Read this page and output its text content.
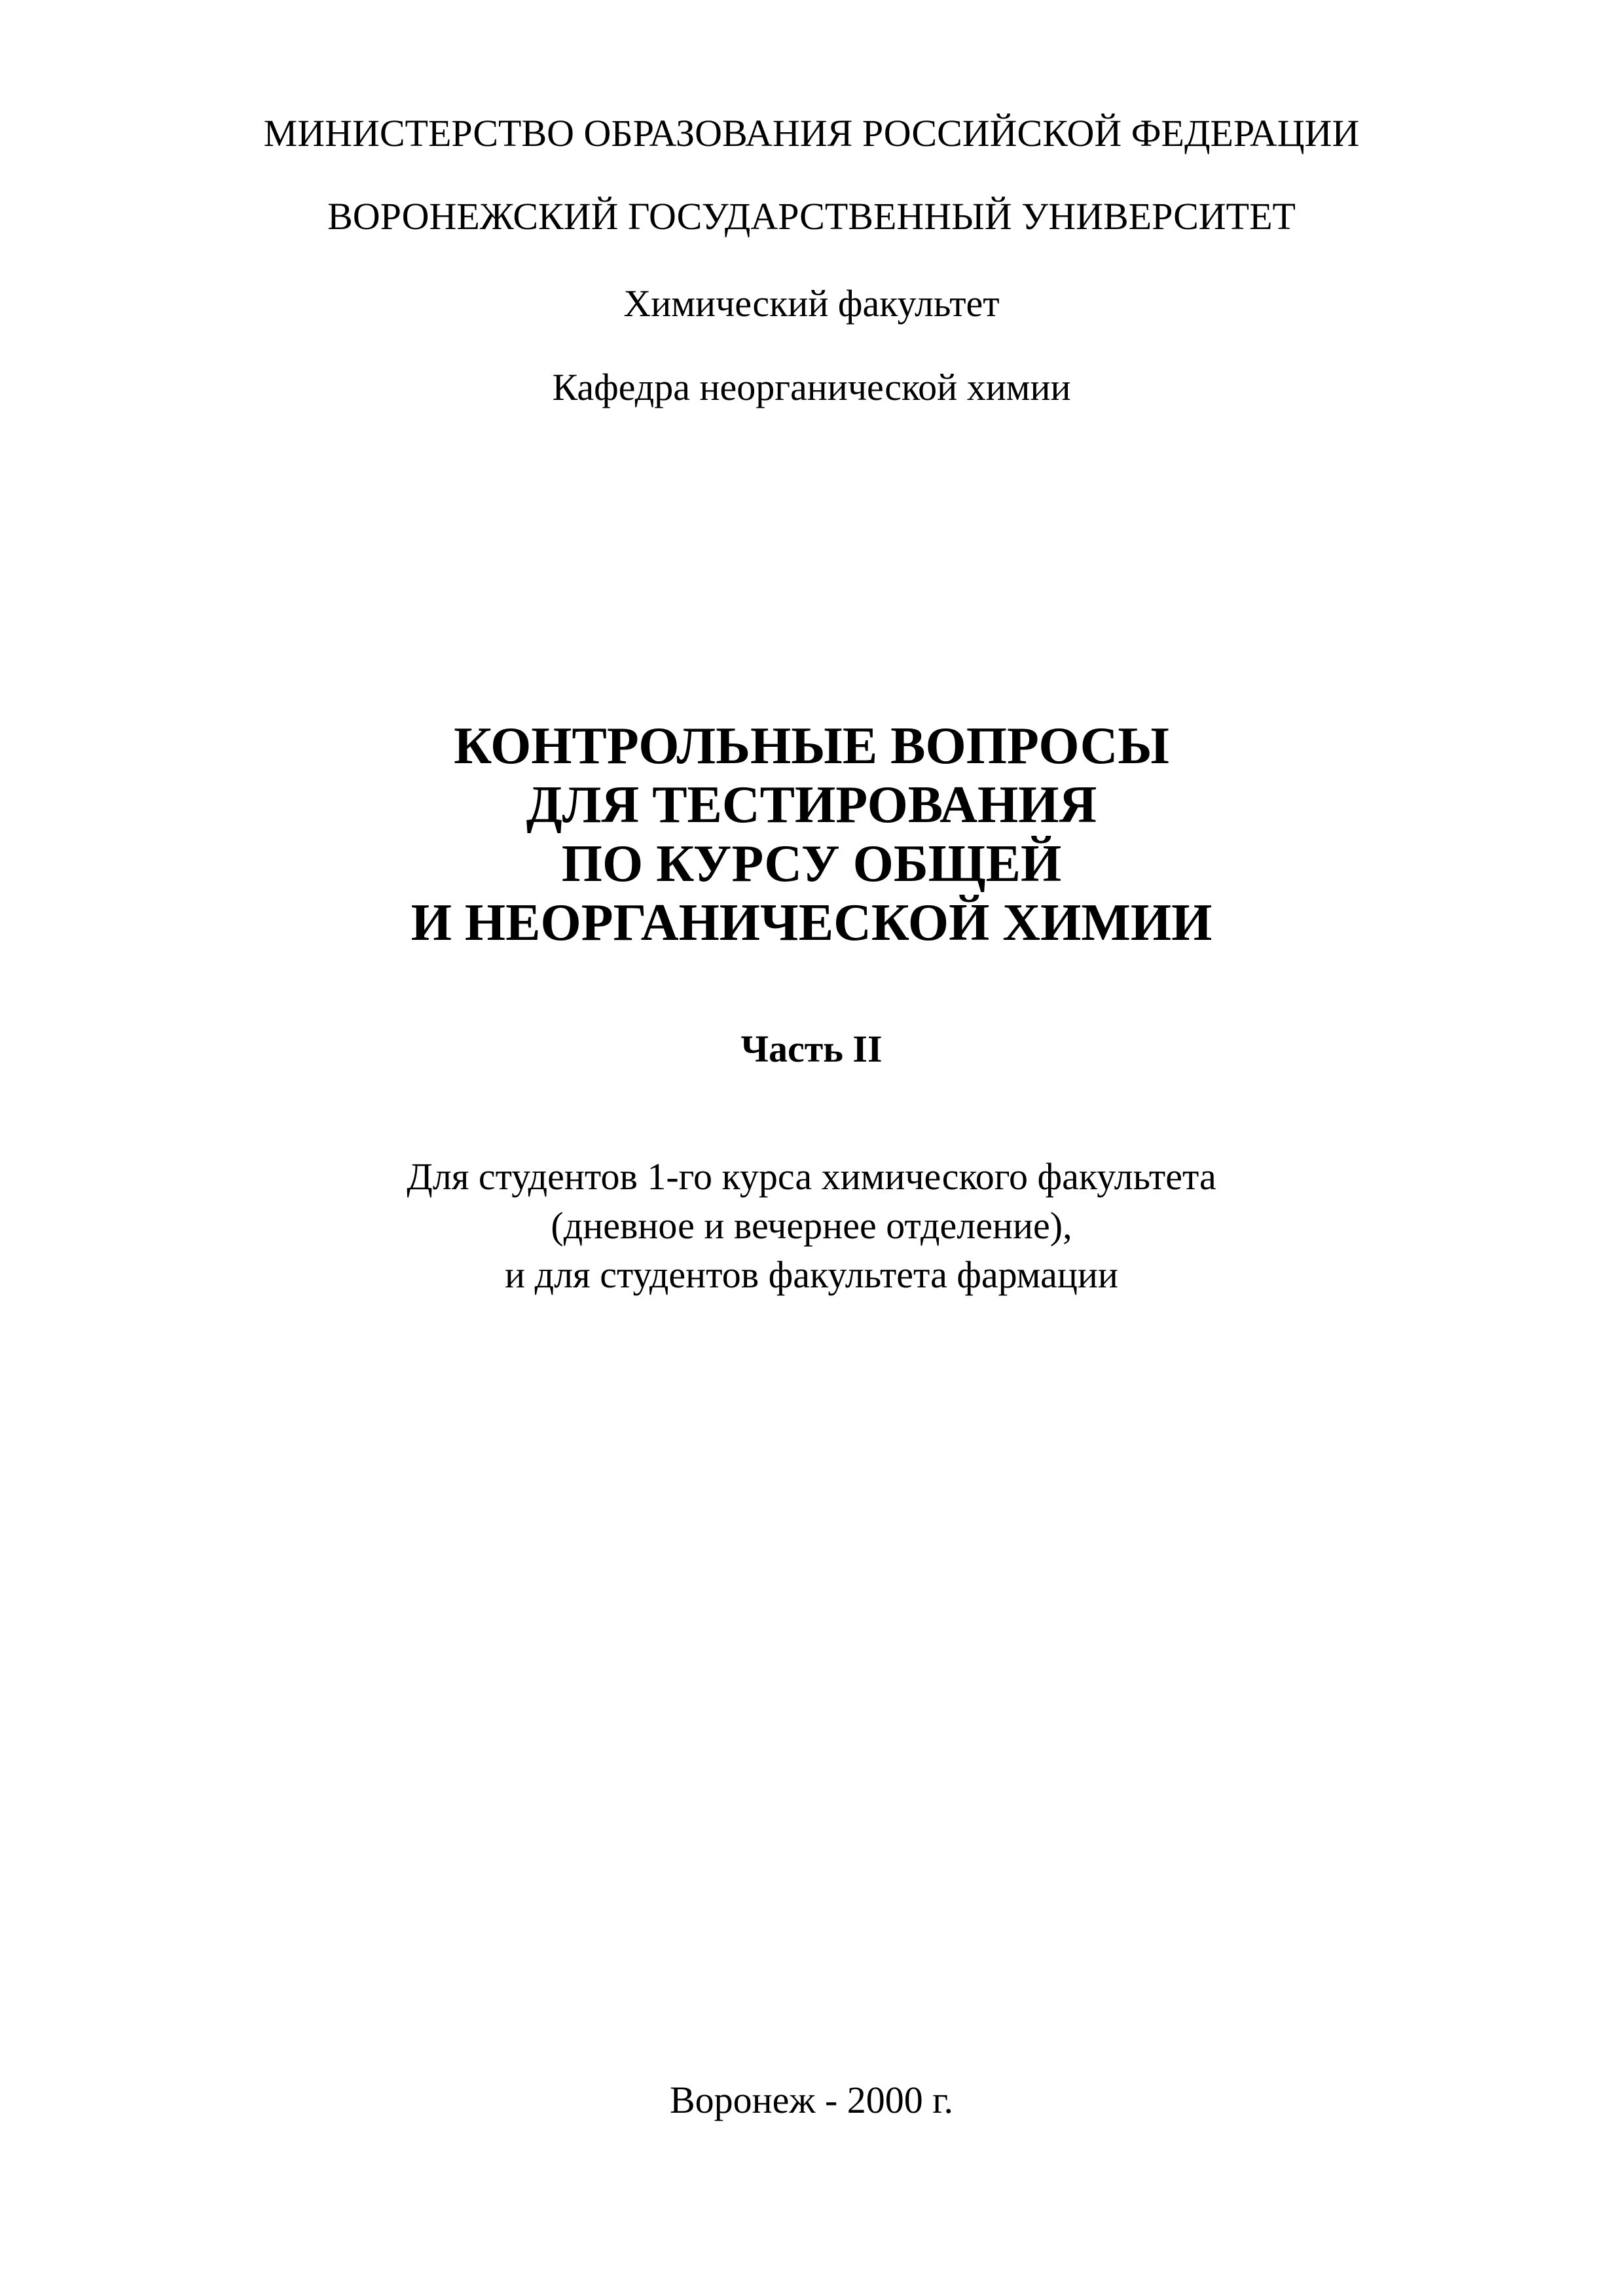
МИНИСТЕРСТВО ОБРАЗОВАНИЯ РОССИЙСКОЙ ФЕДЕРАЦИИ
ВОРОНЕЖСКИЙ ГОСУДАРСТВЕННЫЙ УНИВЕРСИТЕТ
Химический факультет
Кафедра неорганической химии
КОНТРОЛЬНЫЕ ВОПРОСЫ
ДЛЯ ТЕСТИРОВАНИЯ
ПО КУРСУ ОБЩЕЙ
И НЕОРГАНИЧЕСКОЙ ХИМИИ
Часть II
Для студентов 1-го курса химического факультета
(дневное и вечернее отделение),
и для студентов факультета фармации
Воронеж - 2000 г.
